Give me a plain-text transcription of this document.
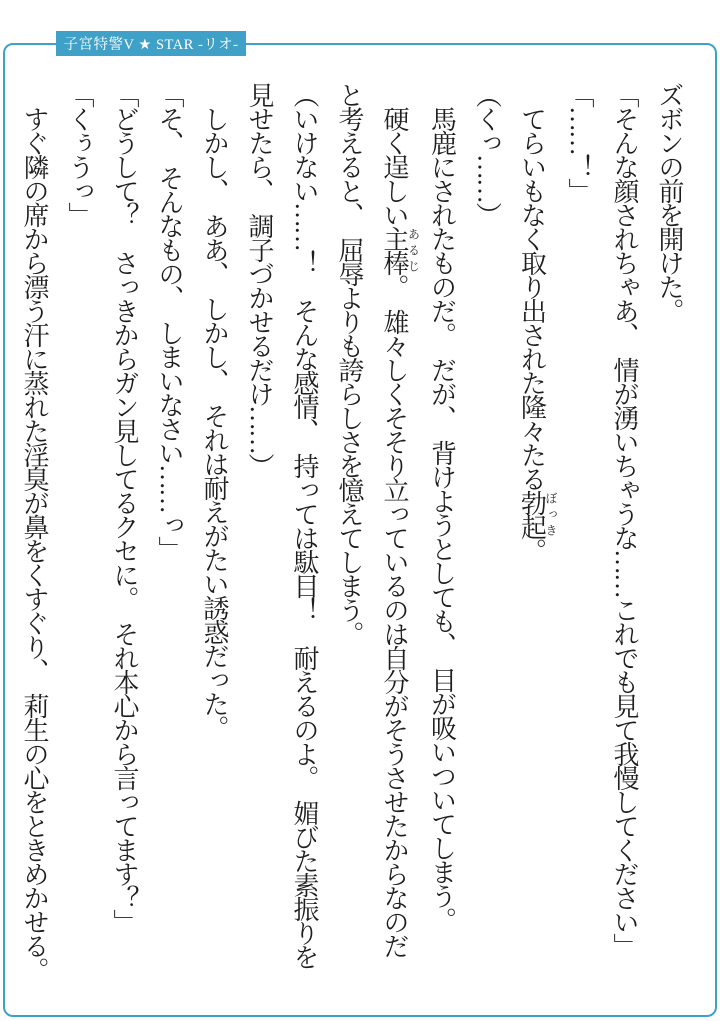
子宮特警V ★ STAR -リオ-

ズボンの前を開けた。

「そんな顔されちゃあ、　情が湧いちゃうな……これでも見て我慢してください」

「……！」

　てらいもなく取り出された隆々たる勃起ぼっき。

（くっ……）

　馬鹿にされたものだ。　だが、　背けようとしても、　目が吸いついてしまう。

　硬く逞しい主棒あるじ。　雄々しくそそり立っているのは自分がそうさせたからなのだ

と考えると、　屈辱よりも誇らしさを憶えてしまう。

（いけない……！　そんな感情、　持っては駄目！　耐えるのよ。　媚びた素振りを

見せたら、　調子づかせるだけ……）

　しかし、　ああ、　しかし、　それは耐えがたい誘惑だった。

「そ、　そんなもの、　しまいなさい……っ」

「どうして？　さっきからガン見してるクセに。　それ本心から言ってます？」

「くぅうっ」

　すぐ隣の席から漂う汗に蒸れた淫臭が鼻をくすぐり、　莉生の心をときめかせる。
